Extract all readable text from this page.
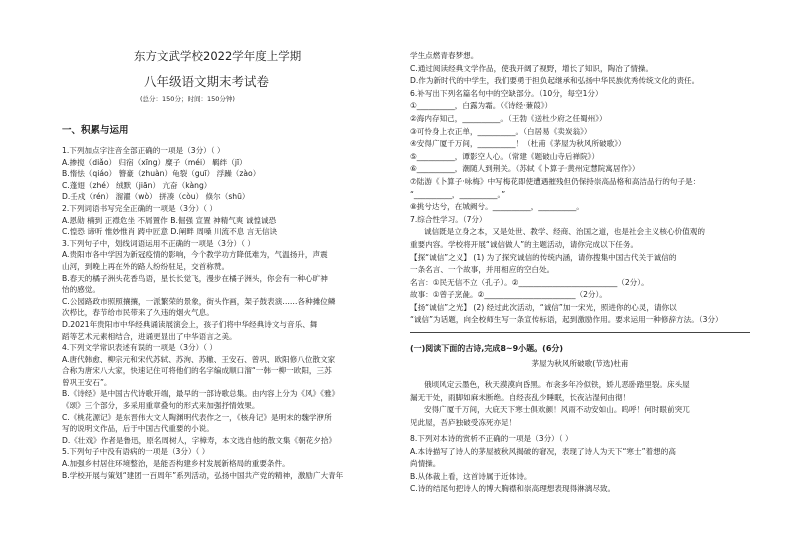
东方文武学校2022学年度上学期
八年级语文期末考试卷
(总分：150分；时间：150分钟)
一、积累与运用
1.下列加点字注音全部正确的一项是（3分）（ ）
A.掺搅（diǎo） 归宿（xīng）糜子（méi） 羁绊（jī）
B.惰怯（qiáo） 簪豪（zhuàn）龟裂（guī） 浮躁（zào）
C.蓬翅（zhé） 绒默（jiān） 亢奋（kàng）
D.壬戍（rén） 溜濯（wò） 拼凑（còu） 倏尔（shū）
2.下列词语书写完全正确的一项是（3分）（ ）
A.恩勋 楠到 正襟危坐 不屑置作 B.倔强 宣置 神精气爽 诚惶诚恐
C.惶恐 谛听 惟妙惟肖 踌中匠意 D.阐畔 周嗓 川流不息 言无信诀
3.下列句子中，划线词语运用不正确的一项是（3分）（ ）
A.贵阳市各中学因为新冠疫情的影响，今个教学功方降低难为，气温扬升，声震
山河，到晚上再在外的路人纷纷驻足，交首称赞。
B.春天的橘子洲头花香鸟语，星长长觉飞，漫步在橘子洲头，你会有一种心旷神
怡的感觉。
C.公园路政市照照攘攘，一派繁荣的景象，街头作画，架子鼓表演……各种摊位鳞
次栉比，春节给市民带来了久违的烟火气息。
D.2021年贵阳市中华经典诵读展演会上，孩子们将中华经典诗文与音乐、舞
蹈等艺术元素相结合，进诵更显出了中华语言之美。
4.下列文学常识表述有误的一项是（3分）（ ）
A.唐代韩愈、柳宗元和宋代苏轼、苏洵、苏辙、王安石、曾巩、欧阳修八位散文家
合称为唐宋八大家，快速记住可将他们的名字编成顺口溜“一韩一柳一欧阳，三苏
曾巩王安石”。
B.《诗经》是中国古代诗歌开端，最早的一部诗歌总集。由内容上分为《风》《雅》
《颂》三个部分，多采用重章叠句的形式来加强抒情效果。
C.《桃花源记》是东晋伟大文人陶渊明代表作之一，《核舟记》是明末的魏学洢所
写的说明文作品，后于中国古代重要的小说。
D.《壮戏》作者是鲁迅，原名周树人，字樟寿，本文选自他的散文集《朝花夕拾》
5.下列句子中没有语病的一项是（3分）（ ）
A.加强乡村居住环境整治，是能否构建乡村发展新格局的重要条件。
B.学校开展与策划“建团一百周年”系列活动，弘扬中国共产党的精神，激励广大青年
学生点燃青春梦想。
C.通过阅读经典文学作品，使我开阔了视野，增长了知识，陶冶了情操。
D.作为新时代的中学生，我们要勇于担负起继承和弘扬中华民族优秀传统文化的责任。
6.补写出下列名篇名句中的空缺部分。（10分，每空1分）
①__________，白露为霜。（《诗经·蒹葭》）
②海内存知己，__________。（王勃《送杜少府之任蜀州》）
③可怜身上衣正单，__________。（白居易《卖炭翁》）
④安得广厦千万间，__________！（杜甫《茅屋为秋风所破歌》）
⑤__________，谭影空人心。（常建《题破山寺后禅院》）
⑥__________，潮随人到荆关。（苏轼《卜算子·黄州定慧院寓居作》）
⑦陆游《卜算子·咏梅》中写梅花即使遭遇摧残但仍保持崇高品格和高洁品行的句子是：
“__________，__________。”
⑧挑兮达兮，在城阙兮。__________，__________。
7.综合性学习。（7分）
诚信既是立身之本，又是处世、教学、经商、治国之道，也是社会主义核心价值观的
重要内容。学校将开展“诚信做人”的主题活动，请你完成以下任务。
【探“诚信”之义】 (1) 为了探究诚信的传统内涵，请你搜集中国古代关于诚信的
一条名言、一个故事，并用相应的空白处。
名言：①民无信不立（孔子）。②__________________________（2分）。
故事：①曾子烹彘。②________________________（2分）。
【扬“诚信”之光】 (2) 经过此次活动，“诚信”加一宋光，照进你的心灵，请你以
“诚信”为话题，向全校师生写一条宣传标语，起到激励作用。要求运用一种修辞方法。（3分）
(一)阅读下面的古诗,完成8~9小题。(6分)
茅屋为秋风所破歌(节选)杜甫
俄顷风定云墨色，秋天漠漠向昏黑。布衾多年冷似铁，娇儿恶卧踏里裂。床头屋
漏无干处，雨脚如麻未断绝。自经丧乱少睡眠，长夜沾湿何由彻！
安得广厦千万间，大庇天下寒士俱欢颜！风雨不动安如山。呜呼！何时眼前突兀
见此屋，吾庐独破受冻死亦足！
8.下列对本诗的赏析不正确的一项是（3分）（ ）
A.本诗描写了诗人的茅屋被秋风揭破的窘况，表现了诗人为天下“寒士”着想的高
尚情操。
B.从体裁上看，这首诗属于近体诗。
C.诗的结尾句把诗人的博大胸襟和崇高理想表现得淋漓尽致。
